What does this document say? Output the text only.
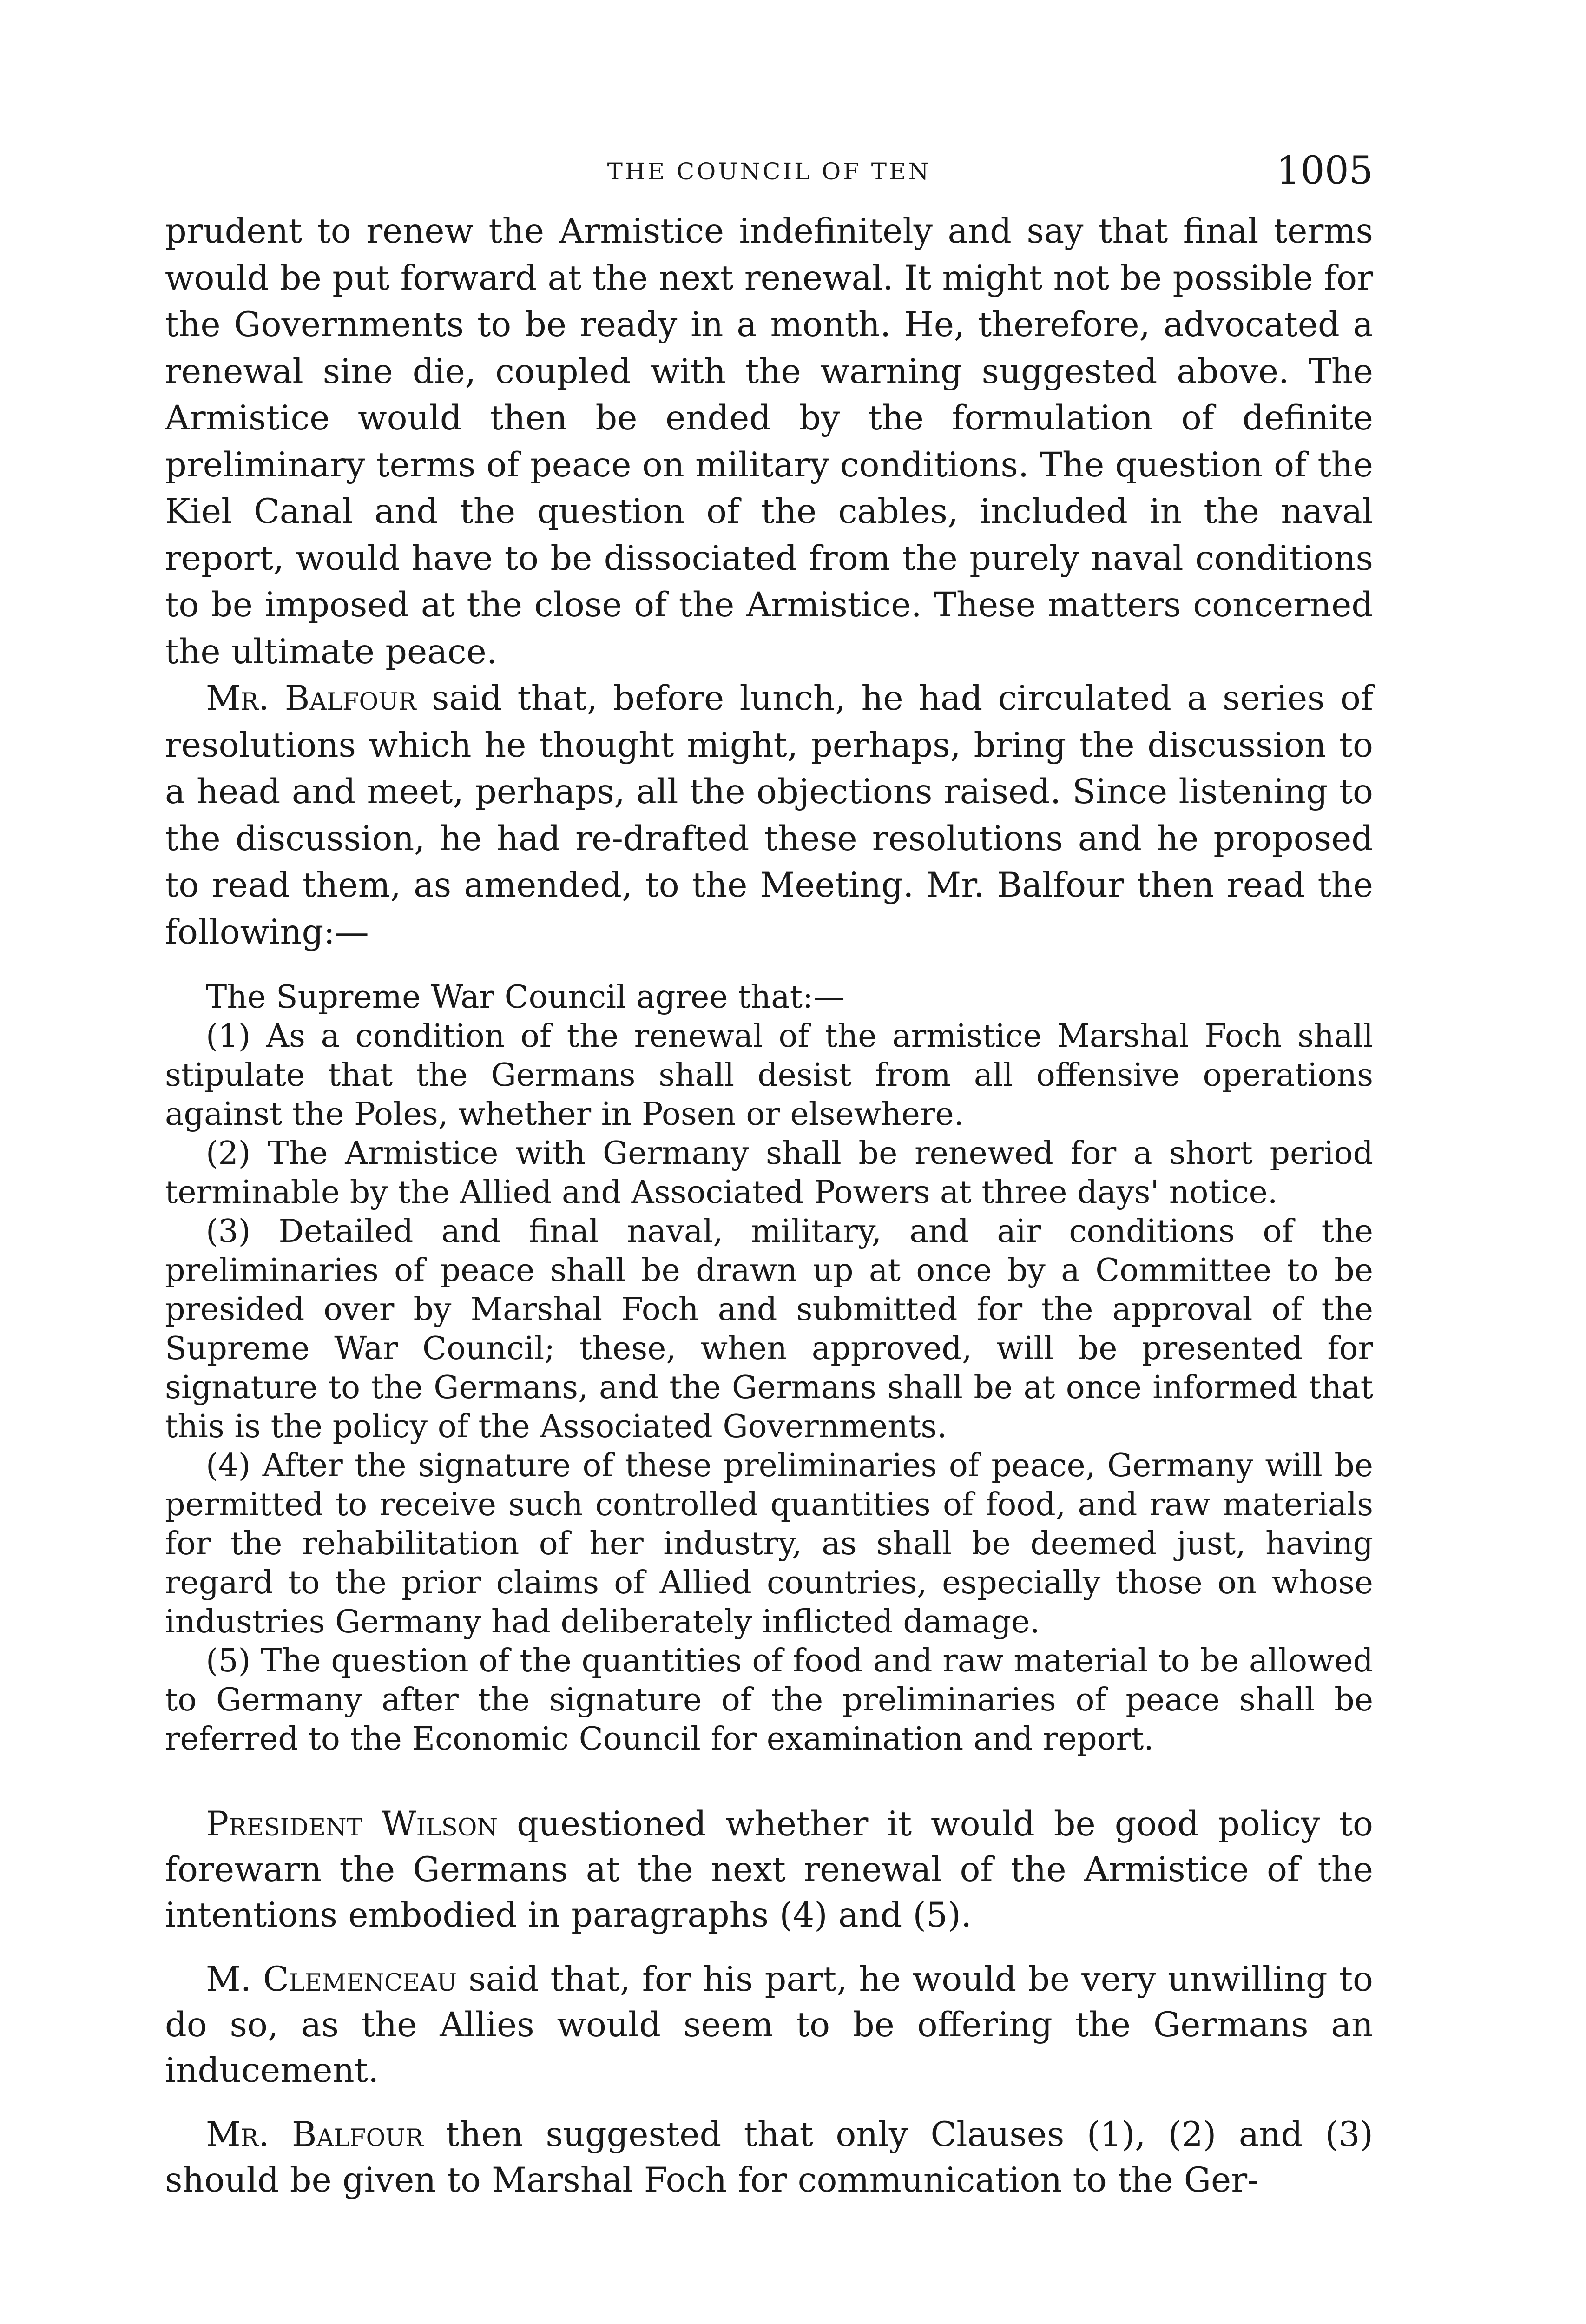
THE COUNCIL OF TEN	1005

prudent to renew the Armistice indefinitely and say that final terms would be put forward at the next renewal. It might not be possible for the Governments to be ready in a month. He, therefore, advocated a renewal sine die, coupled with the warning suggested above. The Armistice would then be ended by the formulation of definite preliminary terms of peace on military conditions. The question of the Kiel Canal and the question of the cables, included in the naval report, would have to be dissociated from the purely naval conditions to be imposed at the close of the Armistice. These matters concerned the ultimate peace.

Mr. Balfour said that, before lunch, he had circulated a series of resolutions which he thought might, perhaps, bring the discussion to a head and meet, perhaps, all the objections raised. Since listening to the discussion, he had re-drafted these resolutions and he proposed to read them, as amended, to the Meeting. Mr. Balfour then read the following:—

The Supreme War Council agree that:—

(1) As a condition of the renewal of the armistice Marshal Foch shall stipulate that the Germans shall desist from all offensive operations against the Poles, whether in Posen or elsewhere.

(2) The Armistice with Germany shall be renewed for a short period terminable by the Allied and Associated Powers at three days' notice.

(3) Detailed and final naval, military, and air conditions of the preliminaries of peace shall be drawn up at once by a Committee to be presided over by Marshal Foch and submitted for the approval of the Supreme War Council; these, when approved, will be presented for signature to the Germans, and the Germans shall be at once informed that this is the policy of the Associated Governments.

(4) After the signature of these preliminaries of peace, Germany will be permitted to receive such controlled quantities of food, and raw materials for the rehabilitation of her industry, as shall be deemed just, having regard to the prior claims of Allied countries, especially those on whose industries Germany had deliberately inflicted damage.

(5) The question of the quantities of food and raw material to be allowed to Germany after the signature of the preliminaries of peace shall be referred to the Economic Council for examination and report.

President Wilson questioned whether it would be good policy to forewarn the Germans at the next renewal of the Armistice of the intentions embodied in paragraphs (4) and (5).

M. Clemenceau said that, for his part, he would be very unwilling to do so, as the Allies would seem to be offering the Germans an inducement.

Mr. Balfour then suggested that only Clauses (1), (2) and (3) should be given to Marshal Foch for communication to the Ger-
